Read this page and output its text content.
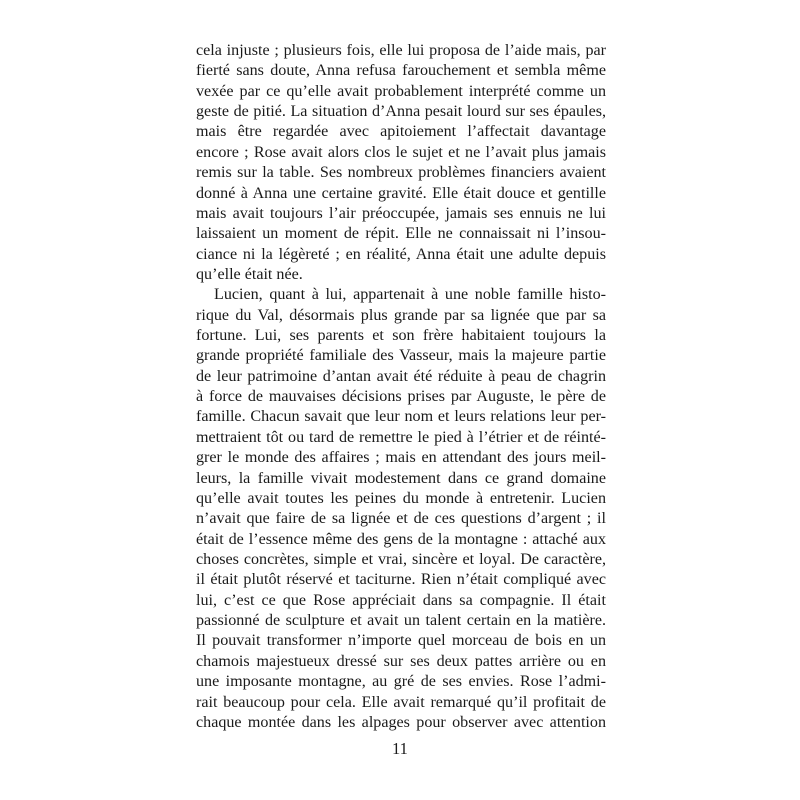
cela injuste ; plusieurs fois, elle lui proposa de l’aide mais, par
fierté sans doute, Anna refusa farouchement et sembla même
vexée par ce qu’elle avait probablement interprété comme un
geste de pitié. La situation d’Anna pesait lourd sur ses épaules,
mais être regardée avec apitoiement l’affectait davantage
encore ; Rose avait alors clos le sujet et ne l’avait plus jamais
remis sur la table. Ses nombreux problèmes financiers avaient
donné à Anna une certaine gravité. Elle était douce et gentille
mais avait toujours l’air préoccupée, jamais ses ennuis ne lui
laissaient un moment de répit. Elle ne connaissait ni l’insou-
ciance ni la légèreté ; en réalité, Anna était une adulte depuis
qu’elle était née.
Lucien, quant à lui, appartenait à une noble famille histo-
rique du Val, désormais plus grande par sa lignée que par sa
fortune. Lui, ses parents et son frère habitaient toujours la
grande propriété familiale des Vasseur, mais la majeure partie
de leur patrimoine d’antan avait été réduite à peau de chagrin
à force de mauvaises décisions prises par Auguste, le père de
famille. Chacun savait que leur nom et leurs relations leur per-
mettraient tôt ou tard de remettre le pied à l’étrier et de réinté-
grer le monde des affaires ; mais en attendant des jours meil-
leurs, la famille vivait modestement dans ce grand domaine
qu’elle avait toutes les peines du monde à entretenir. Lucien
n’avait que faire de sa lignée et de ces questions d’argent ; il
était de l’essence même des gens de la montagne : attaché aux
choses concrètes, simple et vrai, sincère et loyal. De caractère,
il était plutôt réservé et taciturne. Rien n’était compliqué avec
lui, c’est ce que Rose appréciait dans sa compagnie. Il était
passionné de sculpture et avait un talent certain en la matière.
Il pouvait transformer n’importe quel morceau de bois en un
chamois majestueux dressé sur ses deux pattes arrière ou en
une imposante montagne, au gré de ses envies. Rose l’admi-
rait beaucoup pour cela. Elle avait remarqué qu’il profitait de
chaque montée dans les alpages pour observer avec attention
11
